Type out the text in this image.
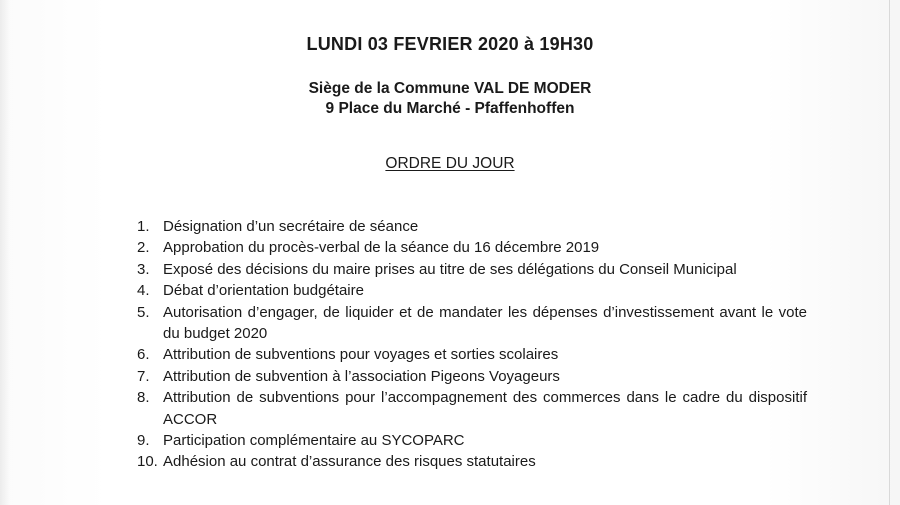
LUNDI 03 FEVRIER 2020 à 19H30
Siège de la Commune VAL DE MODER
9 Place du Marché - Pfaffenhoffen
ORDRE DU JOUR
1. Désignation d’un secrétaire de séance
2. Approbation du procès-verbal de la séance du 16 décembre 2019
3. Exposé des décisions du maire prises au titre de ses délégations du Conseil Municipal
4. Débat d’orientation budgétaire
5. Autorisation d’engager, de liquider et de mandater les dépenses d’investissement avant le vote du budget 2020
6. Attribution de subventions pour voyages et sorties scolaires
7. Attribution de subvention à l’association Pigeons Voyageurs
8. Attribution de subventions pour l’accompagnement des commerces dans le cadre du dispositif ACCOR
9. Participation complémentaire au SYCOPARC
10. Adhésion au contrat d’assurance des risques statutaires
